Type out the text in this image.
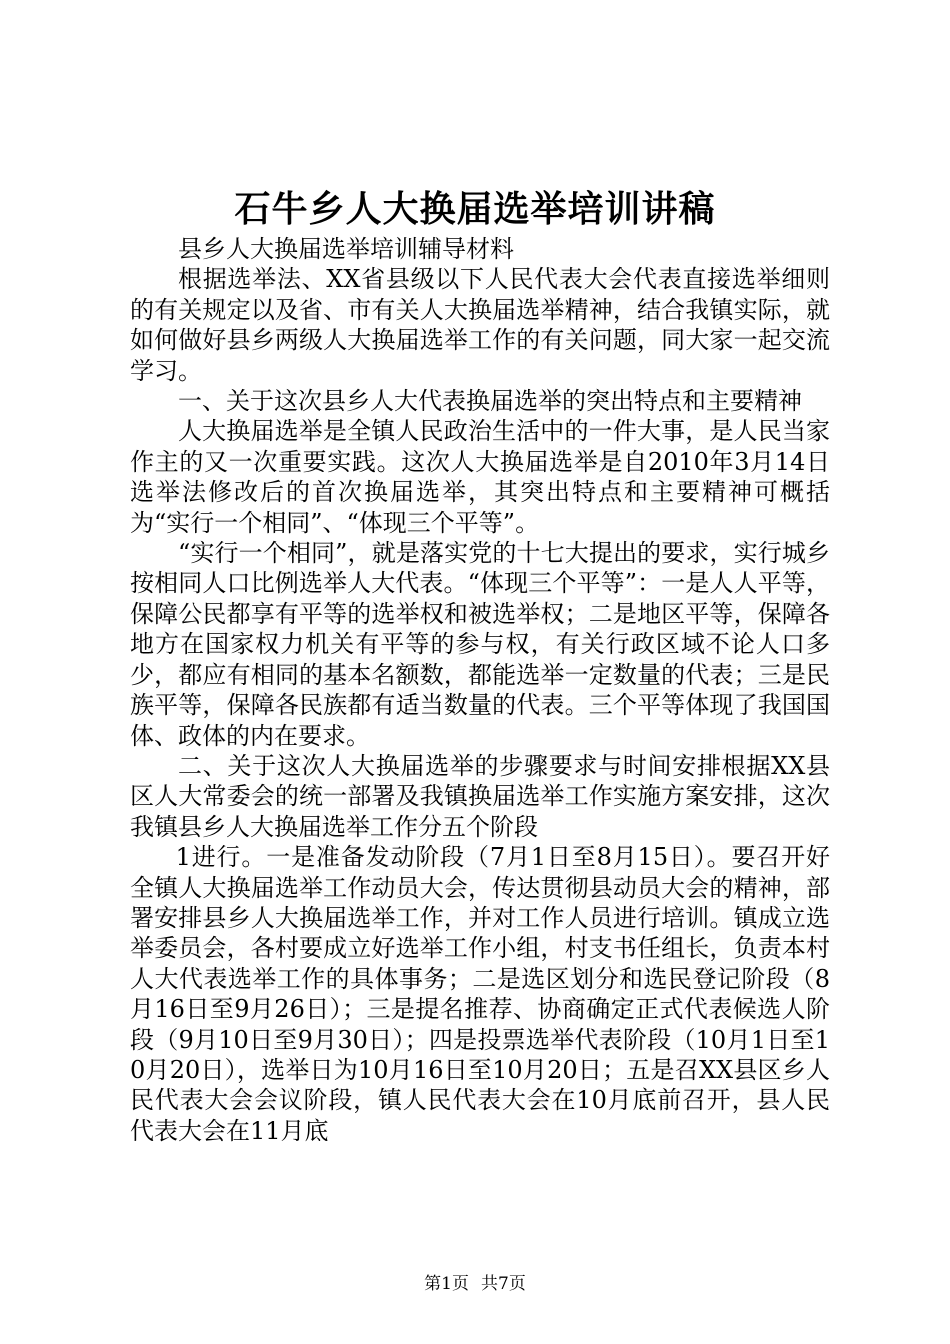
石牛乡人大换届选举培训讲稿

县乡人大换届选举培训辅导材料

根据选举法、XX省县级以下人民代表大会代表直接选举细则的有关规定以及省、市有关人大换届选举精神，结合我镇实际，就如何做好县乡两级人大换届选举工作的有关问题，同大家一起交流学习。

一、关于这次县乡人大代表换届选举的突出特点和主要精神

人大换届选举是全镇人民政治生活中的一件大事，是人民当家作主的又一次重要实践。这次人大换届选举是自2010年3月14日选举法修改后的首次换届选举，其突出特点和主要精神可概括为“实行一个相同”、“体现三个平等”。

“实行一个相同”，就是落实党的十七大提出的要求，实行城乡按相同人口比例选举人大代表。“体现三个平等”：一是人人平等，保障公民都享有平等的选举权和被选举权；二是地区平等，保障各地方在国家权力机关有平等的参与权，有关行政区域不论人口多少，都应有相同的基本名额数，都能选举一定数量的代表；三是民族平等，保障各民族都有适当数量的代表。三个平等体现了我国国体、政体的内在要求。

二、关于这次人大换届选举的步骤要求与时间安排根据XX县区人大常委会的统一部署及我镇换届选举工作实施方案安排，这次我镇县乡人大换届选举工作分五个阶段

1进行。一是准备发动阶段（7月1日至8月15日）。要召开好全镇人大换届选举工作动员大会，传达贯彻县动员大会的精神，部署安排县乡人大换届选举工作，并对工作人员进行培训。镇成立选举委员会，各村要成立好选举工作小组，村支书任组长，负责本村人大代表选举工作的具体事务；二是选区划分和选民登记阶段（8月16日至9月26日）；三是提名推荐、协商确定正式代表候选人阶段（9月10日至9月30日）；四是投票选举代表阶段（10月1日至10月20日），选举日为10月16日至10月20日；五是召XX县区乡人民代表大会会议阶段，镇人民代表大会在10月底前召开，县人民代表大会在11月底

第1页 共7页
